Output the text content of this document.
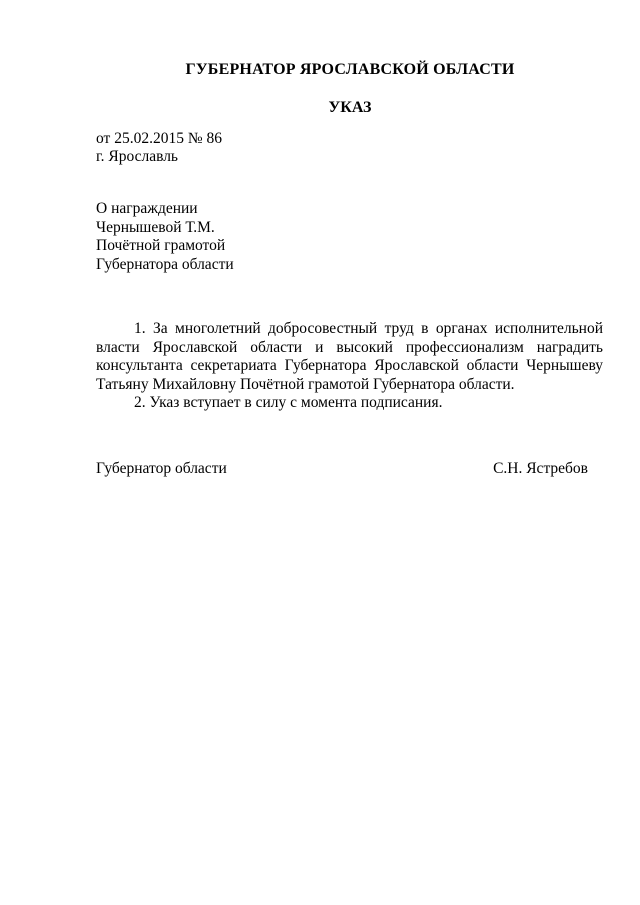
ГУБЕРНАТОР ЯРОСЛАВСКОЙ ОБЛАСТИ
УКАЗ
от 25.02.2015 № 86
г. Ярославль
О награждении
Чернышевой Т.М.
Почётной грамотой
Губернатора области

1. За многолетний добросовестный труд в органах исполнительной власти Ярославской области и высокий профессионализм наградить консультанта секретариата Губернатора Ярославской области Чернышеву Татьяну Михайловну Почётной грамотой Губернатора области.

2. Указ вступает в силу с момента подписания.

Губернатор области	С.Н. Ястребов
